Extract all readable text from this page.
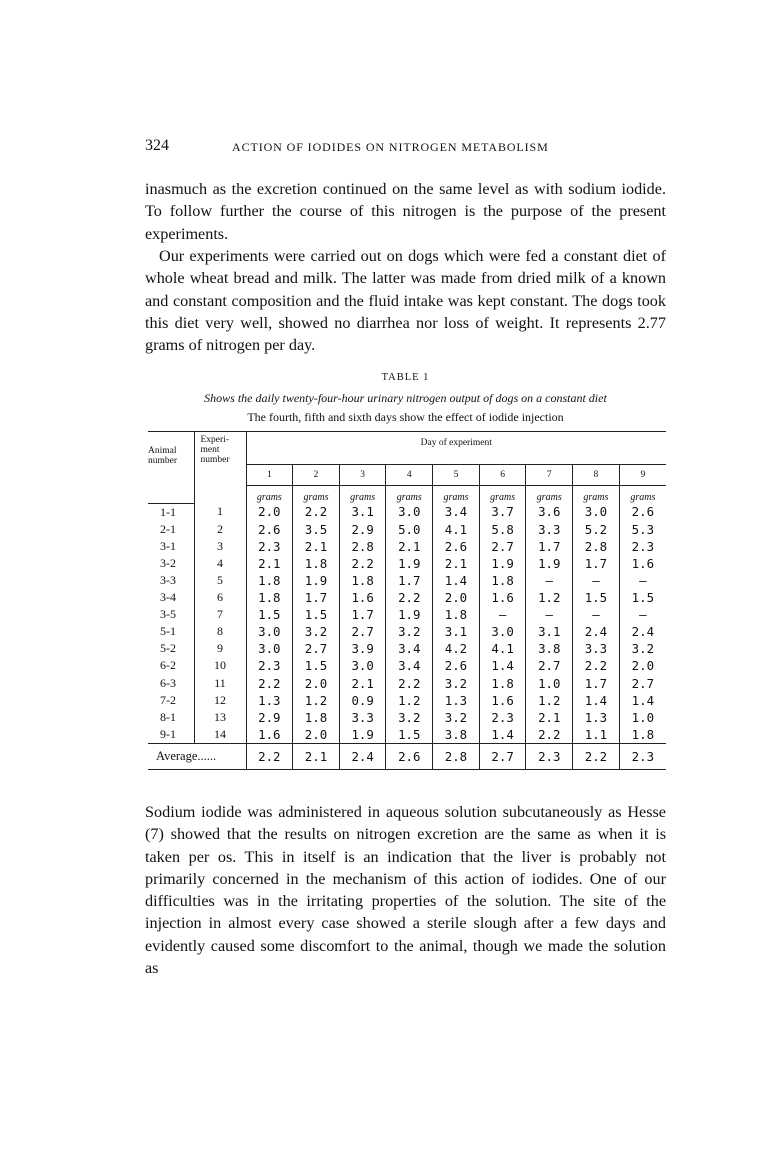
324	ACTION OF IODIDES ON NITROGEN METABOLISM

inasmuch as the excretion continued on the same level as with sodium iodide. To follow further the course of this nitrogen is the purpose of the present experiments.

Our experiments were carried out on dogs which were fed a constant diet of whole wheat bread and milk. The latter was made from dried milk of a known and constant composition and the fluid intake was kept constant. The dogs took this diet very well, showed no diarrhea nor loss of weight. It represents 2.77 grams of nitrogen per day.

TABLE 1
Shows the daily twenty-four-hour urinary nitrogen output of dogs on a constant diet
The fourth, fifth and sixth days show the effect of iodide injection
Animal number	Experi- ment number	Day of experiment								
		1	2	3	4	5	6	7	8	9
		grams	grams	grams	grams	grams	grams	grams	grams	grams
1-1	1	2.0	2.2	3.1	3.0	3.4	3.7	3.6	3.0	2.6
2-1	2	2.6	3.5	2.9	5.0	4.1	5.8	3.3	5.2	5.3
3-1	3	2.3	2.1	2.8	2.1	2.6	2.7	1.7	2.8	2.3
3-2	4	2.1	1.8	2.2	1.9	2.1	1.9	1.9	1.7	1.6
3-3	5	1.8	1.9	1.8	1.7	1.4	1.8	—	—	—
3-4	6	1.8	1.7	1.6	2.2	2.0	1.6	1.2	1.5	1.5
3-5	7	1.5	1.5	1.7	1.9	1.8	—	—	—	—
5-1	8	3.0	3.2	2.7	3.2	3.1	3.0	3.1	2.4	2.4
5-2	9	3.0	2.7	3.9	3.4	4.2	4.1	3.8	3.3	3.2
6-2	10	2.3	1.5	3.0	3.4	2.6	1.4	2.7	2.2	2.0
6-3	11	2.2	2.0	2.1	2.2	3.2	1.8	1.0	1.7	2.7
7-2	12	1.3	1.2	0.9	1.2	1.3	1.6	1.2	1.4	1.4
8-1	13	2.9	1.8	3.3	3.2	3.2	2.3	2.1	1.3	1.0
9-1	14	1.6	2.0	1.9	1.5	3.8	1.4	2.2	1.1	1.8
Average......		2.2	2.1	2.4	2.6	2.8	2.7	2.3	2.2	2.3

Sodium iodide was administered in aqueous solution subcutaneously as Hesse (7) showed that the results on nitrogen excretion are the same as when it is taken per os. This in itself is an indication that the liver is probably not primarily concerned in the mechanism of this action of iodides. One of our difficulties was in the irritating properties of the solution. The site of the injection in almost every case showed a sterile slough after a few days and evidently caused some discomfort to the animal, though we made the solution as
